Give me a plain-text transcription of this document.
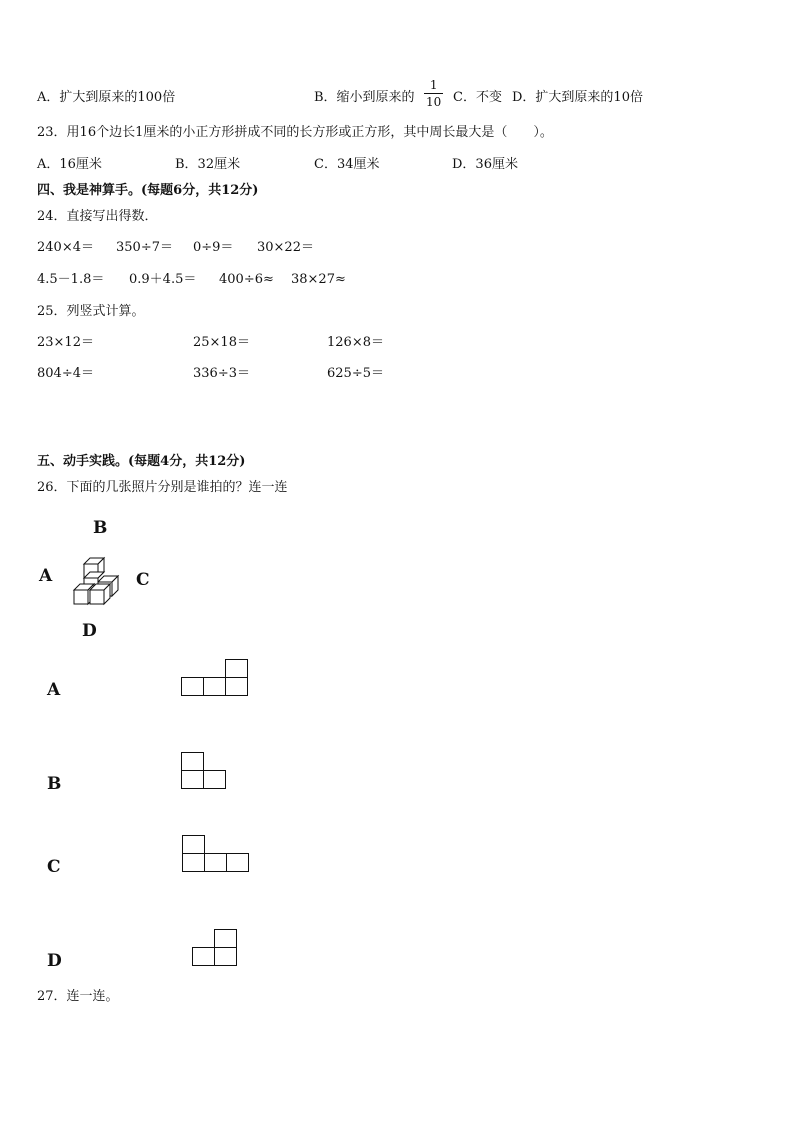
A．扩大到原来的100倍	B．缩小到原来的
1
10 C．不变 D．扩大到原来的10倍
23．用16个边长1厘米的小正方形拼成不同的长方形或正方形，其中周长最大是（　　）。
A．16厘米	B．32厘米	C．34厘米	D．36厘米
四、我是神算手。(每题6分，共12分)
24．直接写出得数．
240×4＝ 350÷7＝ 0÷9＝ 30×22＝
4.5－1.8＝ 0.9＋4.5＝ 400÷6≈ 38×27≈
25．列竖式计算。
23×12＝	25×18＝	126×8＝
804÷4＝	336÷3＝	625÷5＝
五、动手实践。(每题4分，共12分)
26．下面的几张照片分别是谁拍的？连一连
B
A	C
D
A
B
C
D
27．连一连。
